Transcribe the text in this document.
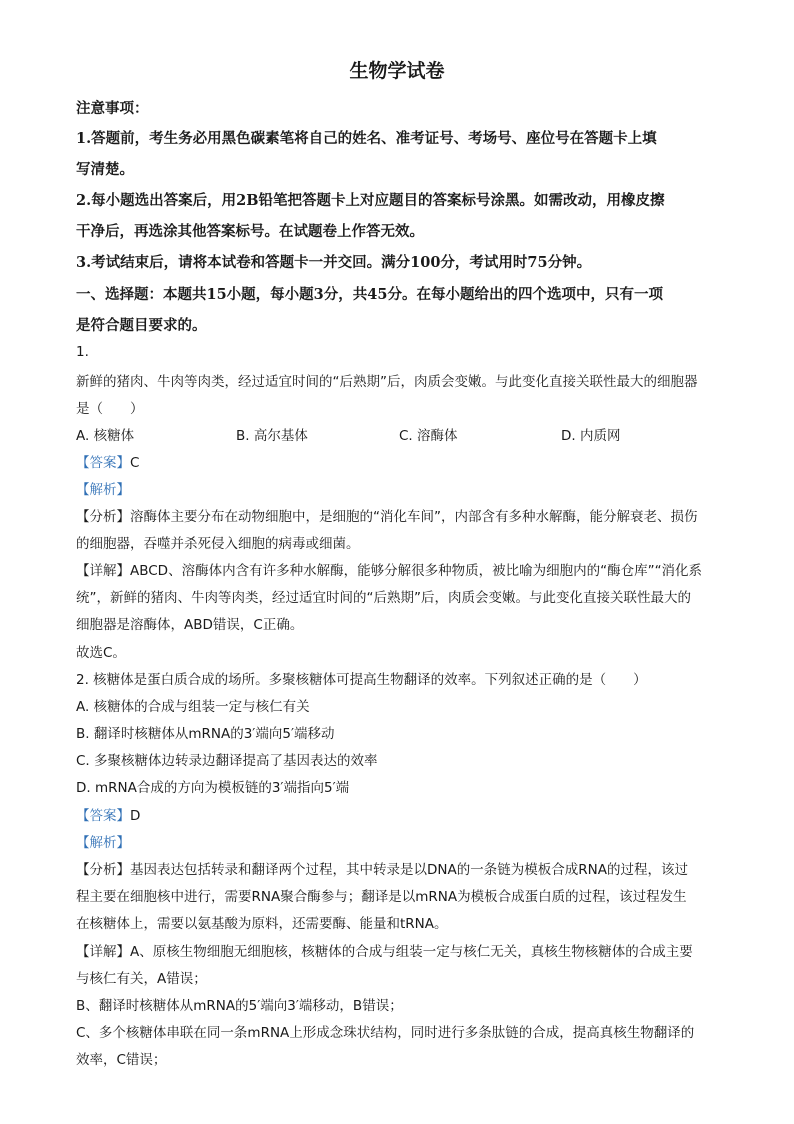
生物学试卷
注意事项：
1.答题前，考生务必用黑色碳素笔将自己的姓名、准考证号、考场号、座位号在答题卡上填
写清楚。
2.每小题选出答案后，用2B铅笔把答题卡上对应题目的答案标号涂黑。如需改动，用橡皮擦
干净后，再选涂其他答案标号。在试题卷上作答无效。
3.考试结束后，请将本试卷和答题卡一并交回。满分100分，考试用时75分钟。
一、选择题：本题共15小题，每小题3分，共45分。在每小题给出的四个选项中，只有一项
是符合题目要求的。
1.
新鲜的猪肉、牛肉等肉类，经过适宜时间的“后熟期”后，肉质会变嫩。与此变化直接关联性最大的细胞器
是（　　）
A. 核糖体	B. 高尔基体	C. 溶酶体	D. 内质网
【答案】C
【解析】
【分析】溶酶体主要分布在动物细胞中，是细胞的“消化车间”，内部含有多种水解酶，能分解衰老、损伤
的细胞器，吞噬并杀死侵入细胞的病毒或细菌。
【详解】ABCD、溶酶体内含有许多种水解酶，能够分解很多种物质，被比喻为细胞内的“酶仓库”“消化系
统”，新鲜的猪肉、牛肉等肉类，经过适宜时间的“后熟期”后，肉质会变嫩。与此变化直接关联性最大的
细胞器是溶酶体，ABD错误，C正确。
故选C。
2. 核糖体是蛋白质合成的场所。多聚核糖体可提高生物翻译的效率。下列叙述正确的是（　　）
A. 核糖体的合成与组装一定与核仁有关
B. 翻译时核糖体从mRNA的3′端向5′端移动
C. 多聚核糖体边转录边翻译提高了基因表达的效率
D. mRNA合成的方向为模板链的3′端指向5′端
【答案】D
【解析】
【分析】基因表达包括转录和翻译两个过程，其中转录是以DNA的一条链为模板合成RNA的过程，该过
程主要在细胞核中进行，需要RNA聚合酶参与；翻译是以mRNA为模板合成蛋白质的过程，该过程发生
在核糖体上，需要以氨基酸为原料，还需要酶、能量和tRNA。
【详解】A、原核生物细胞无细胞核，核糖体的合成与组装一定与核仁无关，真核生物核糖体的合成主要
与核仁有关，A错误；
B、翻译时核糖体从mRNA的5′端向3′端移动，B错误；
C、多个核糖体串联在同一条mRNA上形成念珠状结构，同时进行多条肽链的合成，提高真核生物翻译的
效率，C错误；
